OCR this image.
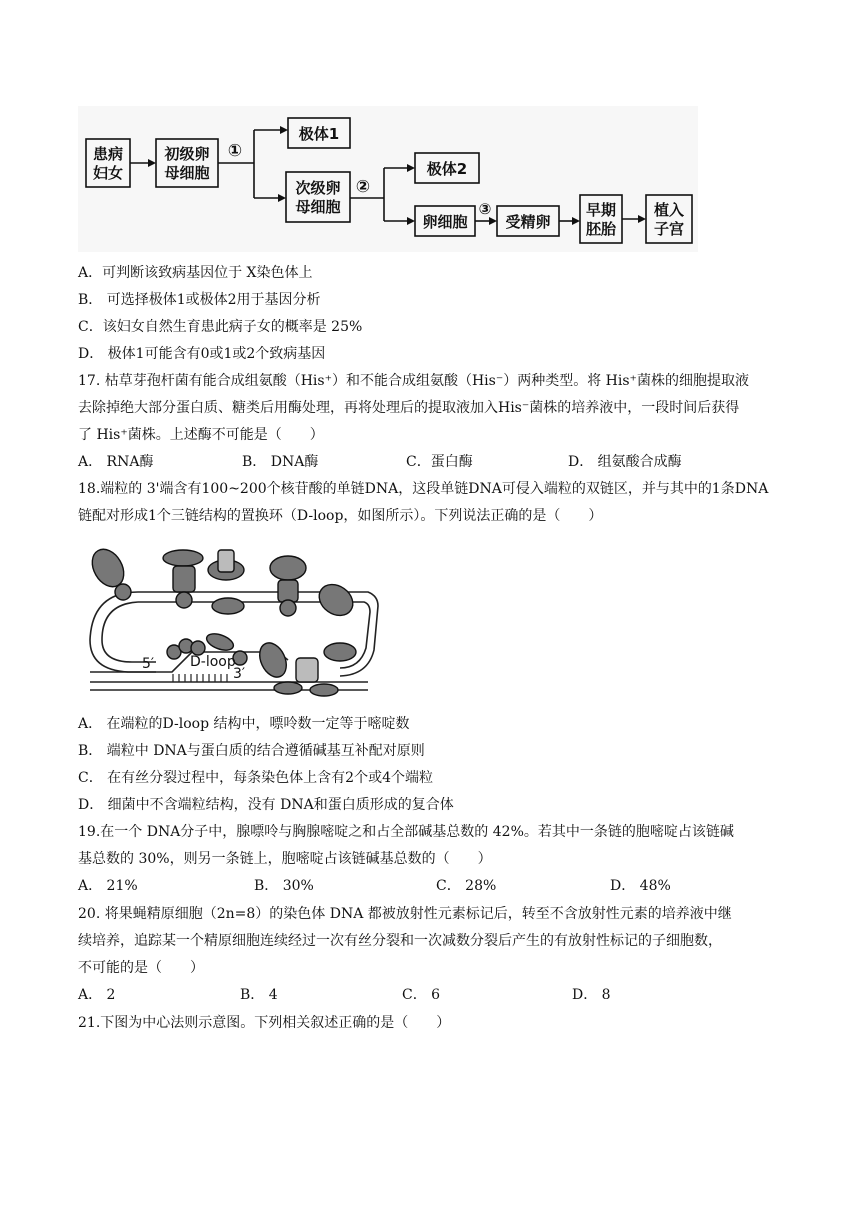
患病
妇女
初级卵
母细胞
①
极体1
次级卵
母细胞
②
极体2
卵细胞
③
受精卵
早期
胚胎
植入
子宫
A．可判断该致病基因位于 X染色体上
B． 可选择极体1或极体2用于基因分析
C．该妇女自然生育患此病子女的概率是 25%
D． 极体1可能含有0或1或2个致病基因
17. 枯草芽孢杆菌有能合成组氨酸（His⁺）和不能合成组氨酸（His⁻）两种类型。将 His⁺菌株的细胞提取液
去除掉绝大部分蛋白质、糖类后用酶处理，再将处理后的提取液加入His⁻菌株的培养液中，一段时间后获得
了 His⁺菌株。上述酶不可能是（　　）
A． RNA酶	B． DNA酶	C．蛋白酶	D． 组氨酸合成酶
18.端粒的 3'端含有100~200个核苷酸的单链DNA，这段单链DNA可侵入端粒的双链区，并与其中的1条DNA
链配对形成1个三链结构的置换环（D-loop，如图所示）。下列说法正确的是（　　）
5′	D-loop
3′
A． 在端粒的D-loop 结构中，嘌呤数一定等于嘧啶数
B． 端粒中 DNA与蛋白质的结合遵循碱基互补配对原则
C． 在有丝分裂过程中，每条染色体上含有2个或4个端粒
D． 细菌中不含端粒结构，没有 DNA和蛋白质形成的复合体
19.在一个 DNA分子中，腺嘌呤与胸腺嘧啶之和占全部碱基总数的 42%。若其中一条链的胞嘧啶占该链碱
基总数的 30%，则另一条链上，胞嘧啶占该链碱基总数的（　　）
A． 21%	B． 30%	C． 28%	D． 48%
20. 将果蝇精原细胞（2n=8）的染色体 DNA 都被放射性元素标记后，转至不含放射性元素的培养液中继
续培养，追踪某一个精原细胞连续经过一次有丝分裂和一次减数分裂后产生的有放射性标记的子细胞数，
不可能的是（　　）
A． 2	B． 4	C． 6	D． 8
21.下图为中心法则示意图。下列相关叙述正确的是（　　）
